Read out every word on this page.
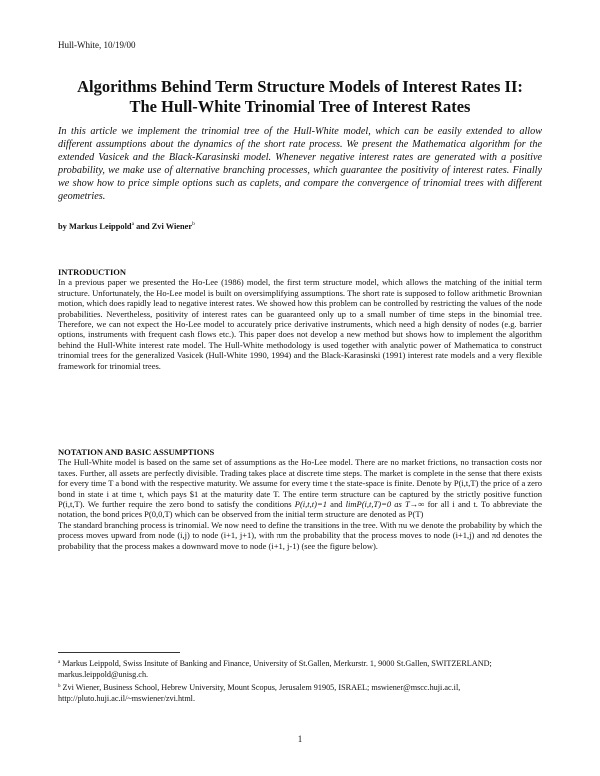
Hull-White, 10/19/00
Algorithms Behind Term Structure Models of Interest Rates II:
The Hull-White Trinomial Tree of Interest Rates

In this article we implement the trinomial tree of the Hull-White model, which can be easily extended to allow different assumptions about the dynamics of the short rate process. We present the Mathematica algorithm for the extended Vasicek and the Black-Karasinski model. Whenever negative interest rates are generated with a positive probability, we make use of alternative branching processes, which guarantee the positivity of interest rates. Finally we show how to price simple options such as caplets, and compare the convergence of trinomial trees with different geometries.

by Markus Leippold$^a$ and Zvi Wiener$^b$
INTRODUCTION

In a previous paper we presented the Ho-Lee (1986) model, the first term structure model, which allows the matching of the initial term structure. Unfortunately, the Ho-Lee model is built on oversimplifying assumptions. The short rate is supposed to follow arithmetic Brownian motion, which does rapidly lead to negative interest rates. We showed how this problem can be controlled by restricting the values of the node probabilities. Nevertheless, positivity of interest rates can be guaranteed only up to a small number of time steps in the binomial tree. Therefore, we can not expect the Ho-Lee model to accurately price derivative instruments, which need a high density of nodes (e.g. barrier options, instruments with frequent cash flows etc.). This paper does not develop a new method but shows how to implement the algorithm behind the Hull-White interest rate model. The Hull-White methodology is used together with analytic power of Mathematica to construct trinomial trees for the generalized Vasicek (Hull-White 1990, 1994) and the Black-Karasinski (1991) interest rate models and a very flexible framework for trinomial trees.

NOTATION AND BASIC ASSUMPTIONS

The Hull-White model is based on the same set of assumptions as the Ho-Lee model. There are no market frictions, no transaction costs nor taxes. Further, all assets are perfectly divisible. Trading takes place at discrete time steps. The market is complete in the sense that there exists for every time T a bond with the respective maturity. We assume for every time t the state-space is finite. Denote by P(i,t,T) the price of a zero bond in state i at time t, which pays $1 at the maturity date T. The entire term structure can be captured by the strictly positive function P(i,t,T). We further require the zero bond to satisfy the conditions P(i,t,t)=1 and limP(i,t,T)=0 as T→∞ for all i and t. To abbreviate the notation, the bond prices P(0,0,T) which can be observed from the initial term structure are denoted as P(T)

The standard branching process is trinomial. We now need to define the transitions in the tree. With πu we denote the probability by which the process moves upward from node (i,j) to node (i+1, j+1), with πm the probability that the process moves to node (i+1,j) and πd denotes the probability that the process makes a downward move to node (i+1, j-1) (see the figure below).

$^a$ Markus Leippold, Swiss Insitute of Banking and Finance, University of St.Gallen, Merkurstr. 1, 9000 St.Gallen, SWITZERLAND; markus.leippold@unisg.ch.

$^b$ Zvi Wiener, Business School, Hebrew University, Mount Scopus, Jerusalem 91905, ISRAEL; mswiener@mscc.huji.ac.il, http://pluto.huji.ac.il/~mswiener/zvi.html.

1
